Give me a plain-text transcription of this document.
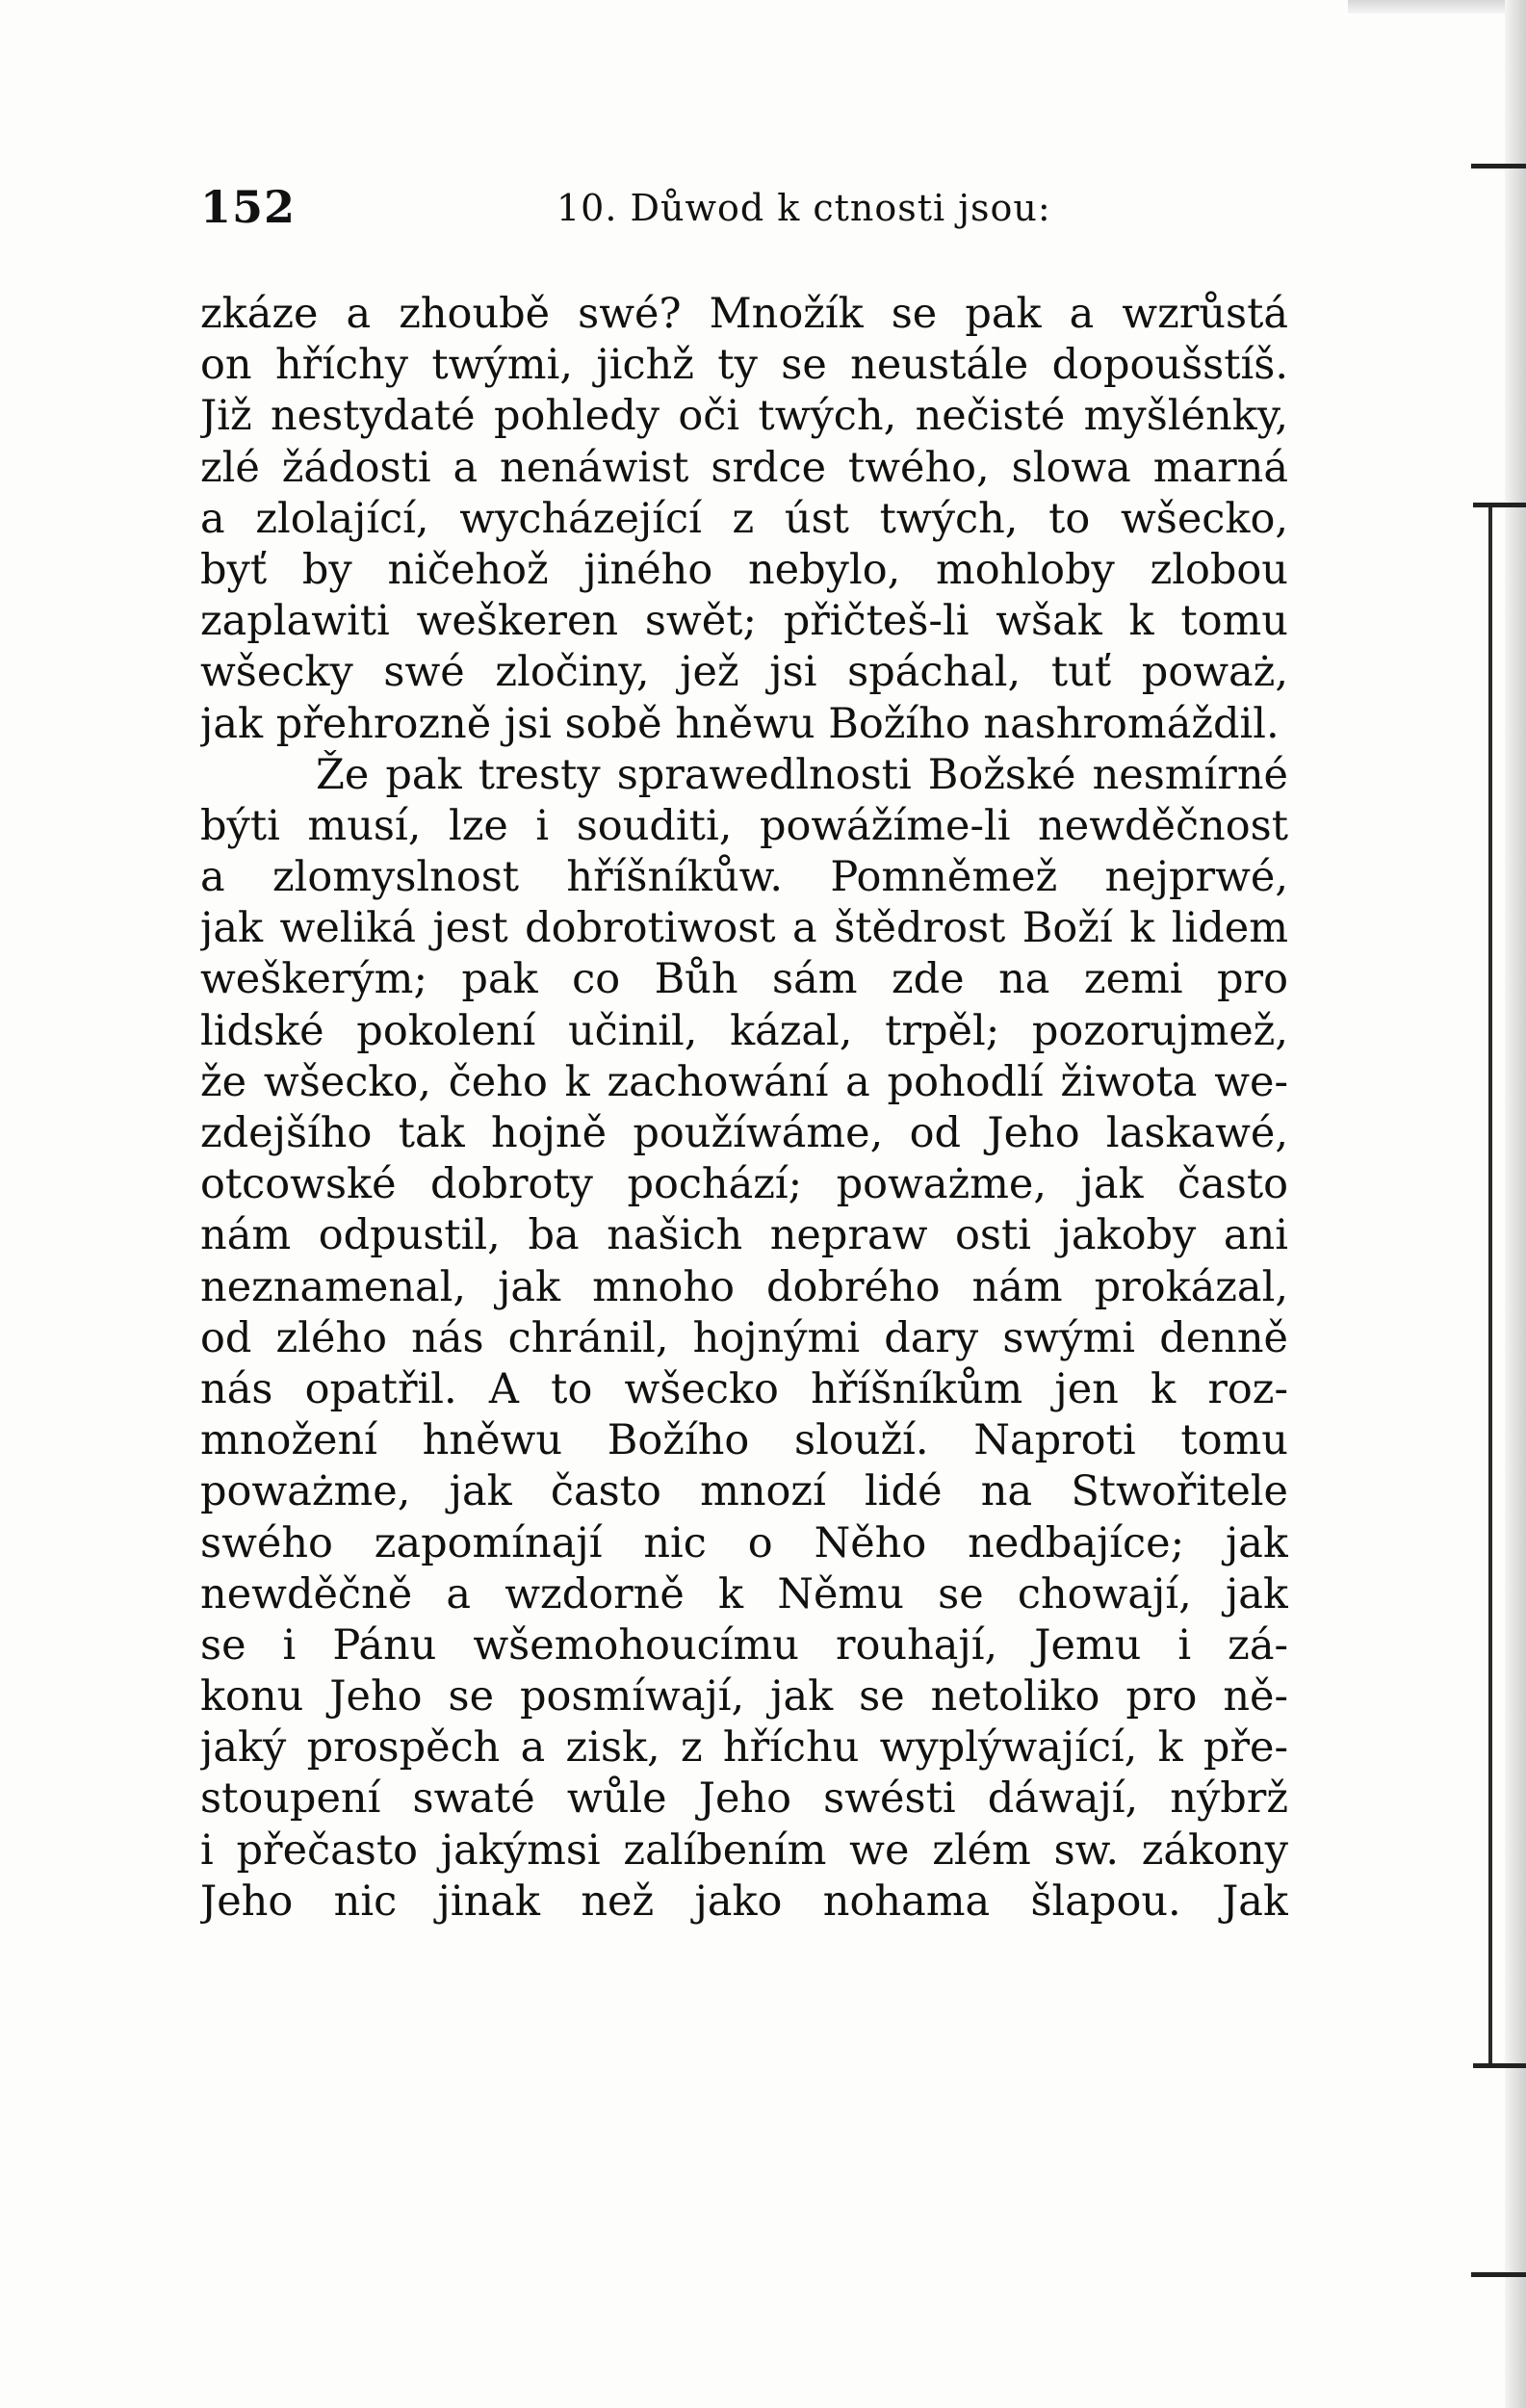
152	10. Důwod k ctnosti jsou:
zkáze a zhoubě swé? Množík se pak a wzrůstá
on hříchy twými, jichž ty se neustále dopoušstíš.
Již nestydaté pohledy oči twých, nečisté myšlénky,
zlé žádosti a nenáwist srdce twého, slowa marná
a zlolající, wycházející z úst twých, to wšecko,
byť by ničehož jiného nebylo, mohloby zlobou
zaplawiti weškeren swět; přičteš-li wšak k tomu
wšecky swé zločiny, jež jsi spáchal, tuť poważ,
jak přehrozně jsi sobě hněwu Božího nashromáždil.
Že pak tresty sprawedlnosti Božské nesmírné
býti musí, lze i souditi, powážíme-li newděčnost
a zlomyslnost hříšníkůw. Pomněmež nejprwé,
jak weliká jest dobrotiwost a štědrost Boží k lidem
weškerým; pak co Bůh sám zde na zemi pro
lidské pokolení učinil, kázal, trpěl; pozorujmež,
že wšecko, čeho k zachowání a pohodlí žiwota we-
zdejšího tak hojně použíwáme, od Jeho laskawé,
otcowské dobroty pochází; poważme, jak často
nám odpustil, ba našich nepraw osti jakoby ani
neznamenal, jak mnoho dobrého nám prokázal,
od zlého nás chránil, hojnými dary swými denně
nás opatřil. A to wšecko hříšníkům jen k roz-
množení hněwu Božího slouží. Naproti tomu
poważme, jak často mnozí lidé na Stwořitele
swého zapomínají nic o Něho nedbajíce; jak
newděčně a wzdorně k Němu se chowají, jak
se i Pánu wšemohoucímu rouhají, Jemu i zá-
konu Jeho se posmíwají, jak se netoliko pro ně-
jaký prospěch a zisk, z hříchu wyplýwající, k pře-
stoupení swaté wůle Jeho swésti dáwají, nýbrž
i přečasto jakýmsi zalíbením we zlém sw. zákony
Jeho nic jinak než jako nohama šlapou. Jak
